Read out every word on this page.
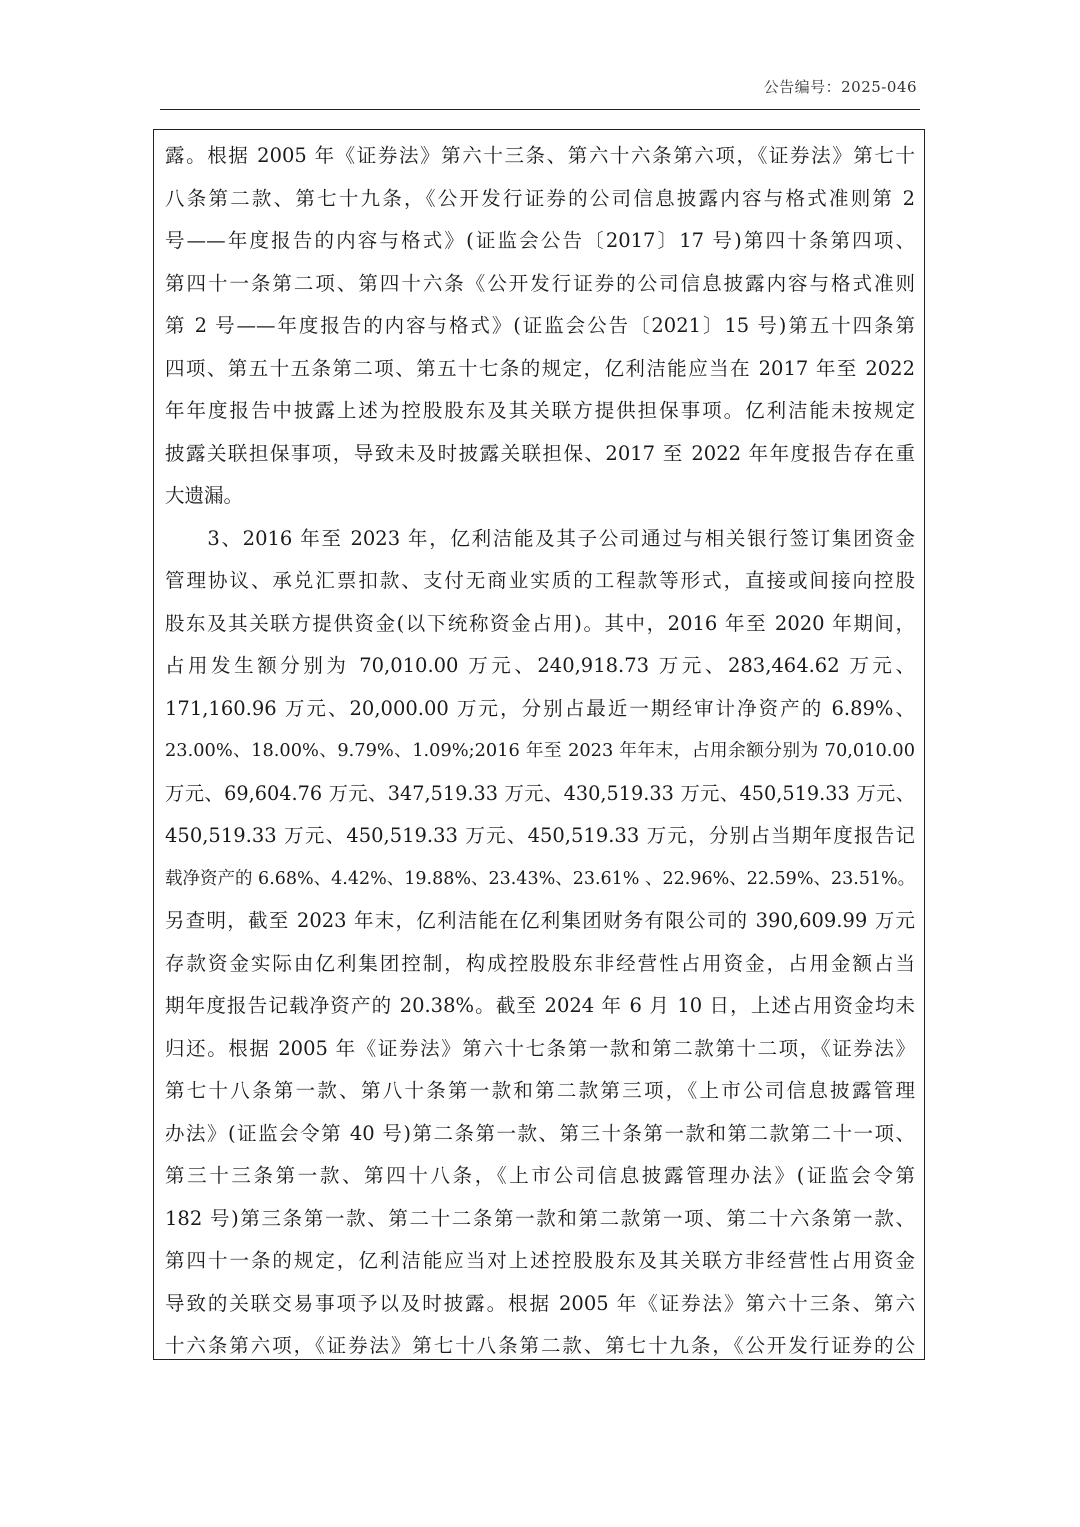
公告编号：2025-046
露。根据 2005 年《证券法》第六十三条、第六十六条第六项，《证券法》第七十
八条第二款、第七十九条，《公开发行证券的公司信息披露内容与格式准则第 2
号——年度报告的内容与格式》(证监会公告〔2017〕17 号)第四十条第四项、
第四十一条第二项、第四十六条《公开发行证券的公司信息披露内容与格式准则
第 2 号——年度报告的内容与格式》(证监会公告〔2021〕15 号)第五十四条第
四项、第五十五条第二项、第五十七条的规定，亿利洁能应当在 2017 年至 2022
年年度报告中披露上述为控股股东及其关联方提供担保事项。亿利洁能未按规定
披露关联担保事项，导致未及时披露关联担保、2017 至 2022 年年度报告存在重
大遗漏。
　　3、2016 年至 2023 年，亿利洁能及其子公司通过与相关银行签订集团资金
管理协议、承兑汇票扣款、支付无商业实质的工程款等形式，直接或间接向控股
股东及其关联方提供资金(以下统称资金占用)。其中，2016 年至 2020 年期间，
占用发生额分别为 70,010.00 万元、240,918.73 万元、283,464.62 万元、
171,160.96 万元、20,000.00 万元，分别占最近一期经审计净资产的 6.89%、
23.00%、18.00%、9.79%、1.09%;2016 年至 2023 年年末，占用余额分别为 70,010.00
万元、69,604.76 万元、347,519.33 万元、430,519.33 万元、450,519.33 万元、
450,519.33 万元、450,519.33 万元、450,519.33 万元，分别占当期年度报告记
载净资产的 6.68%、4.42%、19.88%、23.43%、23.61% 、22.96%、22.59%、23.51%。
另查明，截至 2023 年末，亿利洁能在亿利集团财务有限公司的 390,609.99 万元
存款资金实际由亿利集团控制，构成控股股东非经营性占用资金，占用金额占当
期年度报告记载净资产的 20.38%。截至 2024 年 6 月 10 日，上述占用资金均未
归还。根据 2005 年《证券法》第六十七条第一款和第二款第十二项，《证券法》
第七十八条第一款、第八十条第一款和第二款第三项，《上市公司信息披露管理
办法》(证监会令第 40 号)第二条第一款、第三十条第一款和第二款第二十一项、
第三十三条第一款、第四十八条，《上市公司信息披露管理办法》(证监会令第
182 号)第三条第一款、第二十二条第一款和第二款第一项、第二十六条第一款、
第四十一条的规定，亿利洁能应当对上述控股股东及其关联方非经营性占用资金
导致的关联交易事项予以及时披露。根据 2005 年《证券法》第六十三条、第六
十六条第六项，《证券法》第七十八条第二款、第七十九条，《公开发行证券的公
